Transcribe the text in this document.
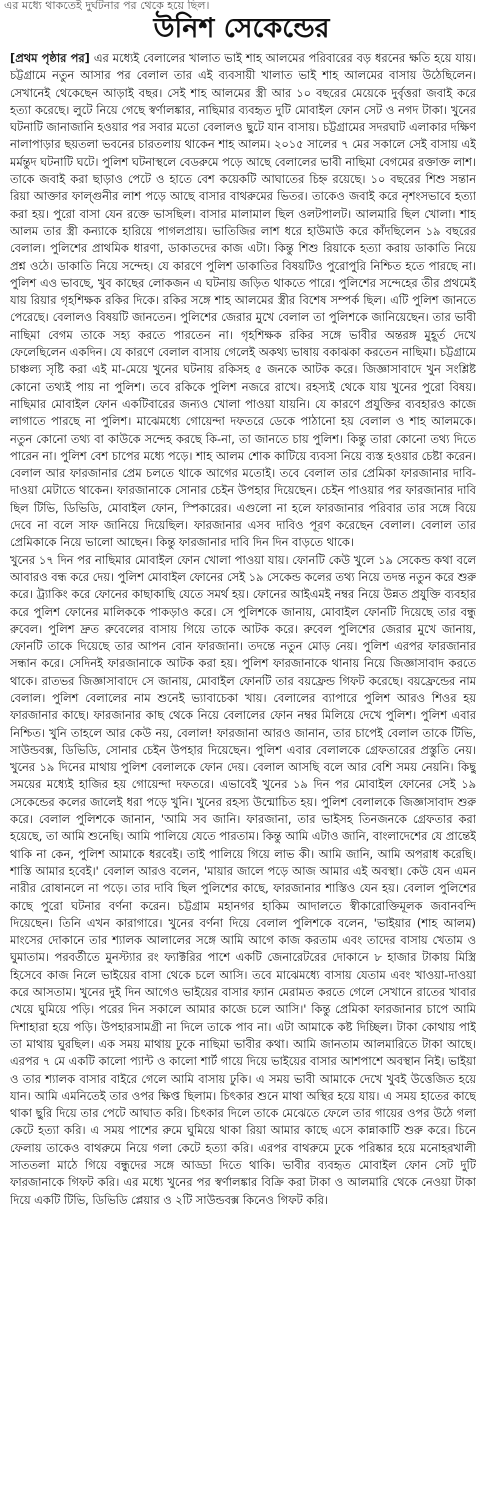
এর মধ্যে থাকতেই দুর্ঘটনার পর থেকে হয়ে ছিল।
উনিশ সেকেন্ডের

[প্রথম পৃষ্ঠার পর] এর মধ্যেই বেলালের খালাত ভাই শাহ আলমের পরিবারের বড় ধরনের ক্ষতি হয়ে যায়। চট্টগ্রামে নতুন আসার পর বেলাল তার এই ব্যবসায়ী খালাত ভাই শাহ আলমের বাসায় উঠেছিলেন। সেখানেই থেকেছেন আড়াই বছর। সেই শাহ আলমের স্ত্রী আর ১০ বছরের মেয়েকে দুর্বৃত্তরা জবাই করে হত্যা করেছে। লুটে নিয়ে গেছে স্বর্ণালঙ্কার, নাছিমার ব্যবহৃত দুটি মোবাইল ফোন সেট ও নগদ টাকা। খুনের ঘটনাটি জানাজানি হওয়ার পর সবার মতো বেলালও ছুটে যান বাসায়। চট্টগ্রামের সদরঘাট এলাকার দক্ষিণ নালাপাড়ার ছয়তলা ভবনের চারতলায় থাকেন শাহ আলম। ২০১৫ সালের ৭ মের সকালে সেই বাসায় এই মর্মন্তুদ ঘটনাটি ঘটে। পুলিশ ঘটনাস্থলে বেডরুমে পড়ে আছে বেলালের ভাবী নাছিমা বেগমের রক্তাক্ত লাশ। তাকে জবাই করা ছাড়াও পেটে ও হাতে বেশ কয়েকটি আঘাতের চিহ্ন রয়েছে। ১০ বছরের শিশু সন্তান রিয়া আক্তার ফাল্গুনীর লাশ পড়ে আছে বাসার বাথরুমের ভিতর। তাকেও জবাই করে নৃশংসভাবে হত্যা করা হয়। পুরো বাসা যেন রক্তে ভাসছিল। বাসার মালামাল ছিল ওলটপালট। আলমারি ছিল খোলা। শাহ আলম তার স্ত্রী কন্যাকে হারিয়ে পাগলপ্রায়। ভাতিজির লাশ ধরে হাউমাউ করে কাঁদছিলেন ১৯ বছরের বেলাল। পুলিশের প্রাথমিক ধারণা, ডাকাতদের কাজ এটা। কিন্তু শিশু রিয়াকে হত্যা করায় ডাকাতি নিয়ে প্রশ্ন ওঠে। ডাকাতি নিয়ে সন্দেহ। যে কারণে পুলিশ ডাকাতির বিষয়টিও পুরোপুরি নিশ্চিত হতে পারছে না। পুলিশ এও ভাবছে, খুব কাছের লোকজন এ ঘটনায় জড়িত থাকতে পারে। পুলিশের সন্দেহের তীর প্রথমেই যায় রিয়ার গৃহশিক্ষক রকির দিকে। রকির সঙ্গে শাহ আলমের স্ত্রীর বিশেষ সম্পর্ক ছিল। এটি পুলিশ জানতে পেরেছে। বেলালও বিষয়টি জানতেন। পুলিশের জেরার মুখে বেলাল তা পুলিশকে জানিয়েছেন। তার ভাবী নাছিমা বেগম তাকে সহ্য করতে পারতেন না। গৃহশিক্ষক রকির সঙ্গে ভাবীর অন্তরঙ্গ মুহূর্ত দেখে ফেলেছিলেন একদিন। যে কারণে বেলাল বাসায় গেলেই অকথ্য ভাষায় বকাঝকা করতেন নাছিমা। চট্টগ্রামে চাঞ্চল্য সৃষ্টি করা এই মা-মেয়ে খুনের ঘটনায় রকিসহ ৫ জনকে আটক করে। জিজ্ঞাসাবাদে খুন সংশ্লিষ্ট কোনো তথ্যই পায় না পুলিশ। তবে রকিকে পুলিশ নজরে রাখে। রহস্যই থেকে যায় খুনের পুরো বিষয়। নাছিমার মোবাইল ফোন একটিবারের জন্যও খোলা পাওয়া যায়নি। যে কারণে প্রযুক্তির ব্যবহারও কাজে লাগাতে পারছে না পুলিশ। মাঝেমধ্যে গোয়েন্দা দফতরে ডেকে পাঠানো হয় বেলাল ও শাহ আলমকে। নতুন কোনো তথ্য বা কাউকে সন্দেহ করছে কি-না, তা জানতে চায় পুলিশ। কিন্তু তারা কোনো তথ্য দিতে পারেন না। পুলিশ বেশ চাপের মধ্যে পড়ে। শাহ আলম শোক কাটিয়ে ব্যবসা নিয়ে ব্যস্ত হওয়ার চেষ্টা করেন। বেলাল আর ফারজানার প্রেম চলতে থাকে আগের মতোই। তবে বেলাল তার প্রেমিকা ফারজানার দাবি-দাওয়া মেটাতে থাকেন। ফারজানাকে সোনার চেইন উপহার দিয়েছেন। চেইন পাওয়ার পর ফারজানার দাবি ছিল টিভি, ডিভিডি, মোবাইল ফোন, স্পিকারের। এগুলো না হলে ফারজানার পরিবার তার সঙ্গে বিয়ে দেবে না বলে সাফ জানিয়ে দিয়েছিল। ফারজানার এসব দাবিও পূরণ করেছেন বেলাল। বেলাল তার প্রেমিকাকে নিয়ে ভালো আছেন। কিন্তু ফারজানার দাবি দিন দিন বাড়তে থাকে।

খুনের ১৭ দিন পর নাছিমার মোবাইল ফোন খোলা পাওয়া যায়। ফোনটি কেউ খুলে ১৯ সেকেন্ড কথা বলে আবারও বন্ধ করে দেয়। পুলিশ মোবাইল ফোনের সেই ১৯ সেকেন্ড কলের তথ্য নিয়ে তদন্ত নতুন করে শুরু করে। ট্র্যাকিং করে ফোনের কাছাকাছি যেতে সমর্থ হয়। ফোনের আইএমই নম্বর নিয়ে উন্নত প্রযুক্তি ব্যবহার করে পুলিশ ফোনের মালিককে পাকড়াও করে। সে পুলিশকে জানায়, মোবাইল ফোনটি দিয়েছে তার বন্ধু রুবেল। পুলিশ দ্রুত রুবেলের বাসায় গিয়ে তাকে আটক করে। রুবেল পুলিশের জেরার মুখে জানায়, ফোনটি তাকে দিয়েছে তার আপন বোন ফারজানা। তদন্তে নতুন মোড় নেয়। পুলিশ এরপর ফারজানার সন্ধান করে। সেদিনই ফারজানাকে আটক করা হয়। পুলিশ ফারজানাকে থানায় নিয়ে জিজ্ঞাসাবাদ করতে থাকে। রাতভর জিজ্ঞাসাবাদে সে জানায়, মোবাইল ফোনটি তার বয়ফ্রেন্ড গিফট করেছে। বয়ফ্রেন্ডের নাম বেলাল। পুলিশ বেলালের নাম শুনেই ভ্যাবাচেকা খায়। বেলালের ব্যাপারে পুলিশ আরও শিওর হয় ফারজানার কাছে। ফারজানার কাছ থেকে নিয়ে বেলালের ফোন নম্বর মিলিয়ে দেখে পুলিশ। পুলিশ এবার নিশ্চিত। খুনি তাহলে আর কেউ নয়, বেলাল! ফারজানা আরও জানান, তার চাপেই বেলাল তাকে টিভি, সাউন্ডবক্স, ডিভিডি, সোনার চেইন উপহার দিয়েছেন। পুলিশ এবার বেলালকে গ্রেফতারের প্রস্তুতি নেয়। খুনের ১৯ দিনের মাথায় পুলিশ বেলালকে ফোন দেয়। বেলাল আসছি বলে আর বেশি সময় নেয়নি। কিছু সময়ের মধ্যেই হাজির হয় গোয়েন্দা দফতরে। এভাবেই খুনের ১৯ দিন পর মোবাইল ফোনের সেই ১৯ সেকেন্ডের কলের জালেই ধরা পড়ে খুনি। খুনের রহস্য উন্মোচিত হয়। পুলিশ বেলালকে জিজ্ঞাসাবাদ শুরু করে। বেলাল পুলিশকে জানান, 'আমি সব জানি। ফারজানা, তার ভাইসহ তিনজনকে গ্রেফতার করা হয়েছে, তা আমি শুনেছি। আমি পালিয়ে যেতে পারতাম। কিন্তু আমি এটাও জানি, বাংলাদেশের যে প্রান্তেই থাকি না কেন, পুলিশ আমাকে ধরবেই। তাই পালিয়ে গিয়ে লাভ কী। আমি জানি, আমি অপরাধ করেছি। শাস্তি আমার হবেই।' বেলাল আরও বলেন, 'মায়ার জালে পড়ে আজ আমার এই অবস্থা। কেউ যেন এমন নারীর রোষানলে না পড়ে। তার দাবি ছিল পুলিশের কাছে, ফারজানার শাস্তিও যেন হয়। বেলাল পুলিশের কাছে পুরো ঘটনার বর্ণনা করেন। চট্টগ্রাম মহানগর হাকিম আদালতে স্বীকারোক্তিমূলক জবানবন্দি দিয়েছেন। তিনি এখন কারাগারে। খুনের বর্ণনা দিয়ে বেলাল পুলিশকে বলেন, 'ভাইয়ার (শাহ আলম) মাংসের দোকানে তার শ্যালক আলালের সঙ্গে আমি আগে কাজ করতাম এবং তাদের বাসায় খেতাম ও ঘুমাতাম। পরবর্তীতে মুনস্ট্যার রং ফ্যাক্টরির পাশে একটি জেনারেটরের দোকানে ৮ হাজার টাকায় মিস্ত্রি হিসেবে কাজ নিলে ভাইয়ের বাসা থেকে চলে আসি। তবে মাঝেমধ্যে বাসায় যেতাম এবং খাওয়া-দাওয়া করে আসতাম। খুনের দুই দিন আগেও ভাইয়ের বাসার ফ্যান মেরামত করতে গেলে সেখানে রাতের খাবার খেয়ে ঘুমিয়ে পড়ি। পরের দিন সকালে আমার কাজে চলে আসি।' কিন্তু প্রেমিকা ফারজানার চাপে আমি দিশাহারা হয়ে পড়ি। উপহারসামগ্রী না দিলে তাকে পাব না। এটা আমাকে কষ্ট দিচ্ছিল। টাকা কোথায় পাই তা মাথায় ঘুরছিল। এক সময় মাথায় ঢুকে নাছিমা ভাবীর কথা। আমি জানতাম আলমারিতে টাকা আছে। এরপর ৭ মে একটি কালো প্যান্ট ও কালো শার্ট গায়ে দিয়ে ভাইয়ের বাসার আশপাশে অবস্থান নিই। ভাইয়া ও তার শ্যালক বাসার বাইরে গেলে আমি বাসায় ঢুকি। এ সময় ভাবী আমাকে দেখে খুবই উত্তেজিত হয়ে যান। আমি এমনিতেই তার ওপর ক্ষিপ্ত ছিলাম। চিৎকার শুনে মাথা অস্থির হয়ে যায়। এ সময় হাতের কাছে থাকা ছুরি দিয়ে তার পেটে আঘাত করি। চিৎকার দিলে তাকে মেঝেতে ফেলে তার গায়ের ওপর উঠে গলা কেটে হত্যা করি। এ সময় পাশের রুমে ঘুমিয়ে থাকা রিয়া আমার কাছে এসে কান্নাকাটি শুরু করে। চিনে ফেলায় তাকেও বাথরুমে নিয়ে গলা কেটে হত্যা করি। এরপর বাথরুমে ঢুকে পরিষ্কার হয়ে মনোহরখালী সাততলা মাঠে গিয়ে বন্ধুদের সঙ্গে আড্ডা দিতে থাকি। ভাবীর ব্যবহৃত মোবাইল ফোন সেট দুটি ফারজানাকে গিফট করি। এর মধ্যে খুনের পর স্বর্ণালঙ্কার বিক্রি করা টাকা ও আলমারি থেকে নেওয়া টাকা দিয়ে একটি টিভি, ডিভিডি প্লেয়ার ও ২টি সাউন্ডবক্স কিনেও গিফট করি।
